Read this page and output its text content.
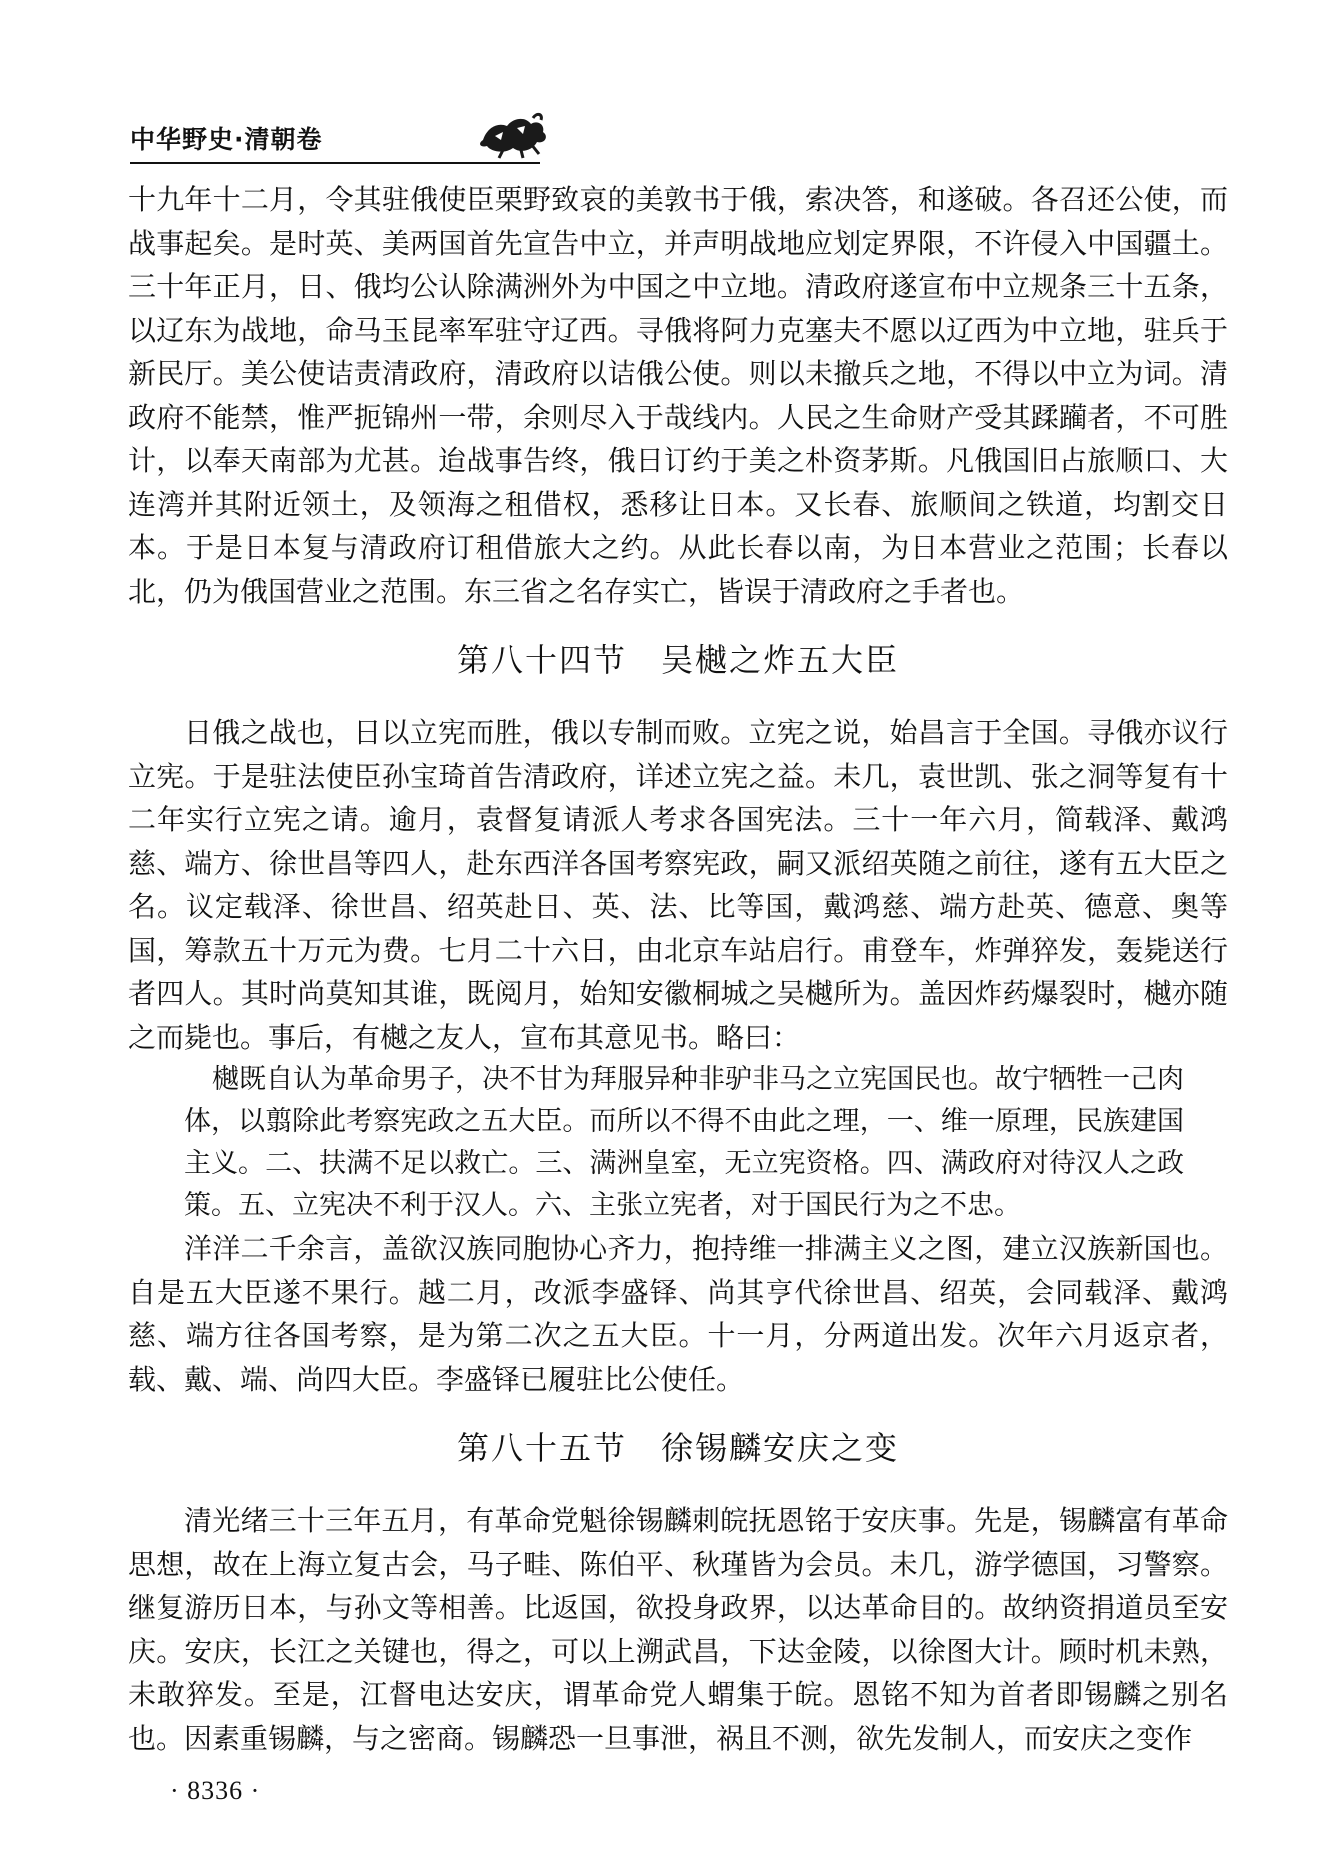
中华野史·清朝卷

十九年十二月，令其驻俄使臣栗野致哀的美敦书于俄，索决答，和遂破。各召还公使，而战事起矣。是时英、美两国首先宣告中立，并声明战地应划定界限，不许侵入中国疆土。三十年正月，日、俄均公认除满洲外为中国之中立地。清政府遂宣布中立规条三十五条，以辽东为战地，命马玉昆率军驻守辽西。寻俄将阿力克塞夫不愿以辽西为中立地，驻兵于新民厅。美公使诘责清政府，清政府以诘俄公使。则以未撤兵之地，不得以中立为词。清政府不能禁，惟严扼锦州一带，余则尽入于哉线内。人民之生命财产受其蹂躏者，不可胜计，以奉天南部为尤甚。迨战事告终，俄日订约于美之朴资茅斯。凡俄国旧占旅顺口、大连湾并其附近领土，及领海之租借权，悉移让日本。又长春、旅顺间之铁道，均割交日本。于是日本复与清政府订租借旅大之约。从此长春以南，为日本营业之范围；长春以北，仍为俄国营业之范围。东三省之名存实亡，皆误于清政府之手者也。

第八十四节　吴樾之炸五大臣

日俄之战也，日以立宪而胜，俄以专制而败。立宪之说，始昌言于全国。寻俄亦议行立宪。于是驻法使臣孙宝琦首告清政府，详述立宪之益。未几，袁世凯、张之洞等复有十二年实行立宪之请。逾月，袁督复请派人考求各国宪法。三十一年六月，简载泽、戴鸿慈、端方、徐世昌等四人，赴东西洋各国考察宪政，嗣又派绍英随之前往，遂有五大臣之名。议定载泽、徐世昌、绍英赴日、英、法、比等国，戴鸿慈、端方赴英、德意、奥等国，筹款五十万元为费。七月二十六日，由北京车站启行。甫登车，炸弹猝发，轰毙送行者四人。其时尚莫知其谁，既阅月，始知安徽桐城之吴樾所为。盖因炸药爆裂时，樾亦随之而毙也。事后，有樾之友人，宣布其意见书。略曰：

樾既自认为革命男子，决不甘为拜服异种非驴非马之立宪国民也。故宁牺牲一己肉体，以翦除此考察宪政之五大臣。而所以不得不由此之理，一、维一原理，民族建国主义。二、扶满不足以救亡。三、满洲皇室，无立宪资格。四、满政府对待汉人之政策。五、立宪决不利于汉人。六、主张立宪者，对于国民行为之不忠。

洋洋二千余言，盖欲汉族同胞协心齐力，抱持维一排满主义之图，建立汉族新国也。自是五大臣遂不果行。越二月，改派李盛铎、尚其亨代徐世昌、绍英，会同载泽、戴鸿慈、端方往各国考察，是为第二次之五大臣。十一月，分两道出发。次年六月返京者，载、戴、端、尚四大臣。李盛铎已履驻比公使任。

第八十五节　徐锡麟安庆之变

清光绪三十三年五月，有革命党魁徐锡麟刺皖抚恩铭于安庆事。先是，锡麟富有革命思想，故在上海立复古会，马子畦、陈伯平、秋瑾皆为会员。未几，游学德国，习警察。继复游历日本，与孙文等相善。比返国，欲投身政界，以达革命目的。故纳资捐道员至安庆。安庆，长江之关键也，得之，可以上溯武昌，下达金陵，以徐图大计。顾时机未熟，未敢猝发。至是，江督电达安庆，谓革命党人蝟集于皖。恩铭不知为首者即锡麟之别名也。因素重锡麟，与之密商。锡麟恐一旦事泄，祸且不测，欲先发制人，而安庆之变作

· 8336 ·
